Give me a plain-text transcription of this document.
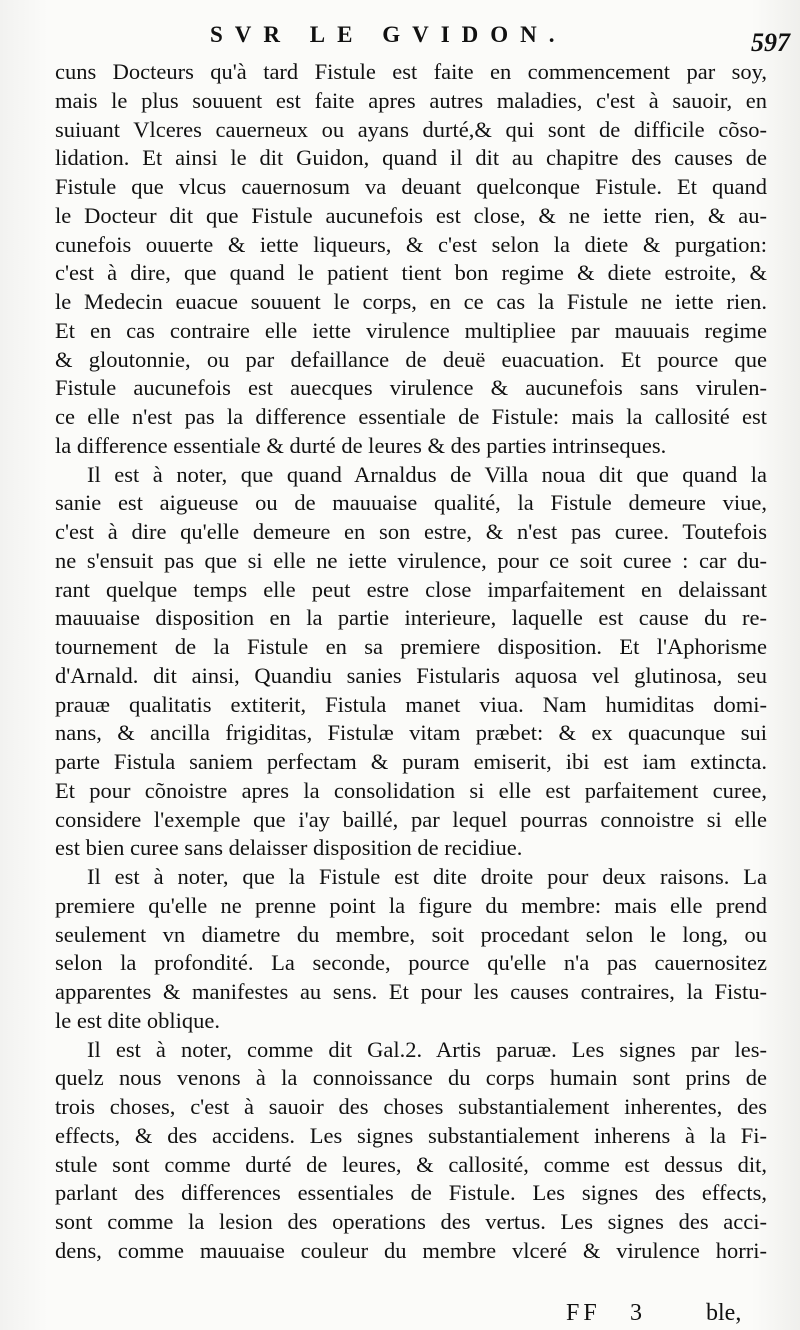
SVR LE GVIDON.	597
cuns Docteurs qu'à tard Fistule est faite en commencement par soy,
mais le plus souuent est faite apres autres maladies, c'est à sauoir, en
suiuant Vlceres cauerneux ou ayans durté,& qui sont de difficile cõso-
lidation. Et ainsi le dit Guidon, quand il dit au chapitre des causes de
Fistule que vlcus cauernosum va deuant quelconque Fistule. Et quand
le Docteur dit que Fistule aucunefois est close, & ne iette rien, & au-
cunefois ouuerte & iette liqueurs, & c'est selon la diete & purgation:
c'est à dire, que quand le patient tient bon regime & diete estroite, &
le Medecin euacue souuent le corps, en ce cas la Fistule ne iette rien.
Et en cas contraire elle iette virulence multipliee par mauuais regime
& gloutonnie, ou par defaillance de deuë euacuation. Et pource que
Fistule aucunefois est auecques virulence & aucunefois sans virulen-
ce elle n'est pas la difference essentiale de Fistule: mais la callosité est
la difference essentiale & durté de leures & des parties intrinseques.
Il est à noter, que quand Arnaldus de Villa noua dit que quand la
sanie est aigueuse ou de mauuaise qualité, la Fistule demeure viue,
c'est à dire qu'elle demeure en son estre, & n'est pas curee. Toutefois
ne s'ensuit pas que si elle ne iette virulence, pour ce soit curee : car du-
rant quelque temps elle peut estre close imparfaitement en delaissant
mauuaise disposition en la partie interieure, laquelle est cause du re-
tournement de la Fistule en sa premiere disposition. Et l'Aphorisme
d'Arnald. dit ainsi, Quandiu sanies Fistularis aquosa vel glutinosa, seu
prauæ qualitatis extiterit, Fistula manet viua. Nam humiditas domi-
nans, & ancilla frigiditas, Fistulæ vitam præbet: & ex quacunque sui
parte Fistula saniem perfectam & puram emiserit, ibi est iam extincta.
Et pour cõnoistre apres la consolidation si elle est parfaitement curee,
considere l'exemple que i'ay baillé, par lequel pourras connoistre si elle
est bien curee sans delaisser disposition de recidiue.
Il est à noter, que la Fistule est dite droite pour deux raisons. La
premiere qu'elle ne prenne point la figure du membre: mais elle prend
seulement vn diametre du membre, soit procedant selon le long, ou
selon la profondité. La seconde, pource qu'elle n'a pas cauernositez
apparentes & manifestes au sens. Et pour les causes contraires, la Fistu-
le est dite oblique.
Il est à noter, comme dit Gal.2. Artis paruæ. Les signes par les-
quelz nous venons à la connoissance du corps humain sont prins de
trois choses, c'est à sauoir des choses substantialement inherentes, des
effects, & des accidens. Les signes substantialement inherens à la Fi-
stule sont comme durté de leures, & callosité, comme est dessus dit,
parlant des differences essentiales de Fistule. Les signes des effects,
sont comme la lesion des operations des vertus. Les signes des acci-
dens, comme mauuaise couleur du membre vlceré & virulence horri-
FF 3	ble,
